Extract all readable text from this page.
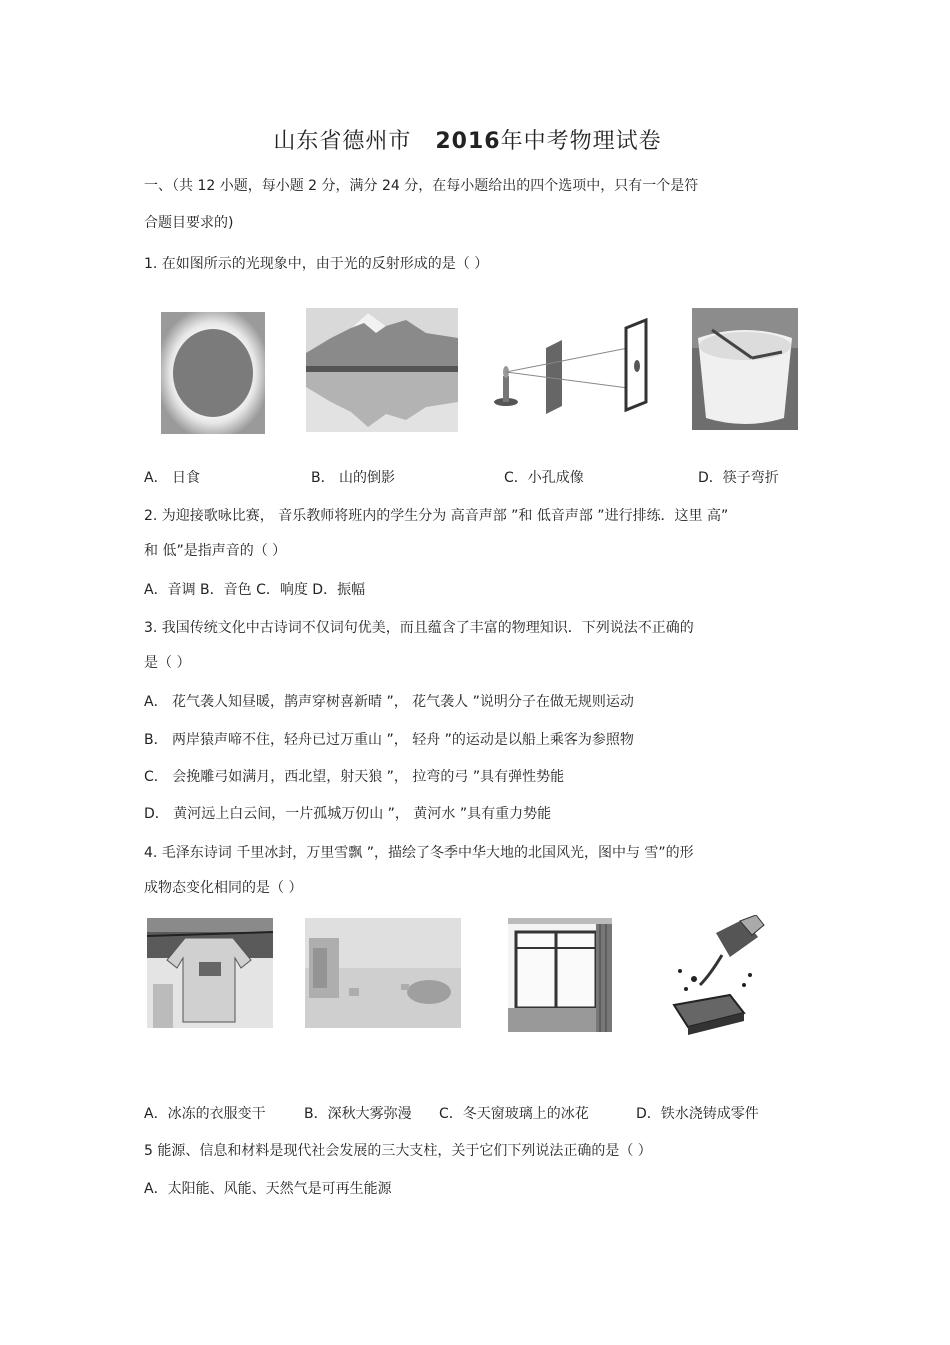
山东省德州市 2016年中考物理试卷
一、（共 12 小题，每小题 2 分，满分 24 分，在每小题给出的四个选项中，只有一个是符
合题目要求的)
1. 在如图所示的光现象中，由于光的反射形成的是（ ）
A． 日食	B． 山的倒影	C．小孔成像	D．筷子弯折
2. 为迎接歌咏比赛， 音乐教师将班内的学生分为 高音声部 ”和 低音声部 ”进行排练．这里 高”
和 低”是指声音的（ ）
A．音调 B．音色 C．响度 D．振幅
3. 我国传统文化中古诗词不仅词句优美，而且蕴含了丰富的物理知识．下列说法不正确的
是（ ）
A． 花气袭人知昼暖，鹊声穿树喜新晴 ”， 花气袭人 ”说明分子在做无规则运动
B． 两岸猿声啼不住，轻舟已过万重山 ”， 轻舟 ”的运动是以船上乘客为参照物
C． 会挽雕弓如满月，西北望，射天狼 ”， 拉弯的弓 ”具有弹性势能
D． 黄河远上白云间，一片孤城万仞山 ”， 黄河水 ”具有重力势能
4. 毛泽东诗词 千里冰封，万里雪飘 ”，描绘了冬季中华大地的北国风光，图中与 雪”的形
成物态变化相同的是（ ）
A．冰冻的衣服变干	B．深秋大雾弥漫 C．冬天窗玻璃上的冰花	D．铁水浇铸成零件
5 能源、信息和材料是现代社会发展的三大支柱，关于它们下列说法正确的是（ ）
A．太阳能、风能、天然气是可再生能源
